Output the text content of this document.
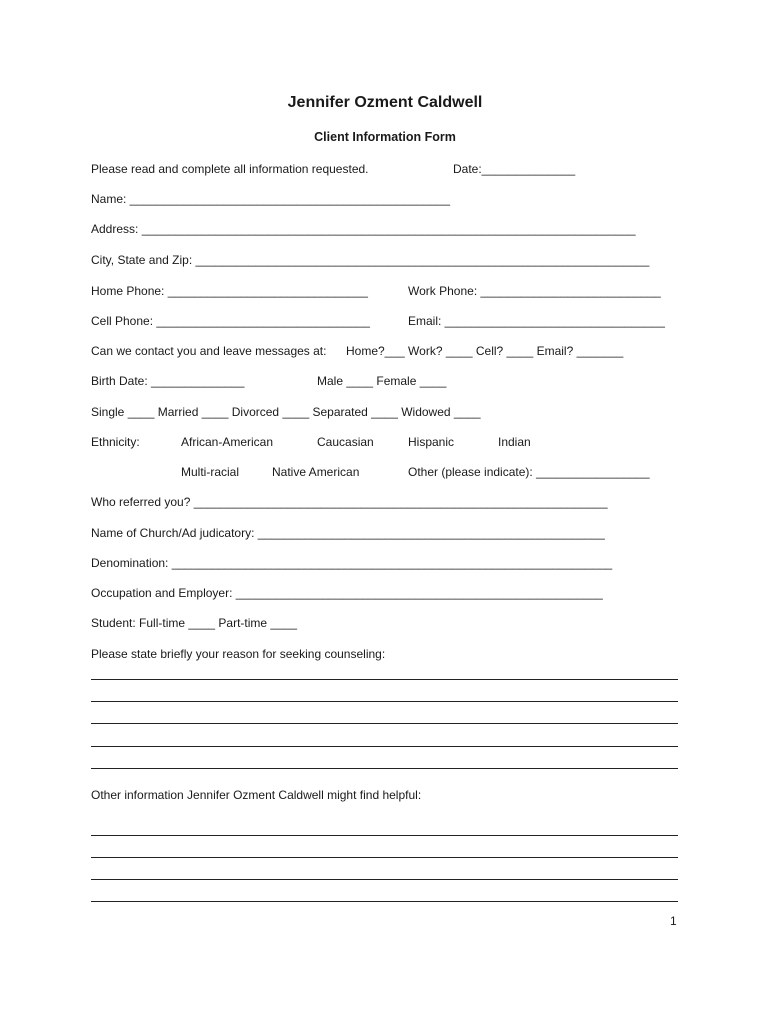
Jennifer Ozment Caldwell
Client Information Form
Please read and complete all information requested.	Date:______________
Name: ________________________________________________
Address: __________________________________________________________________________
City, State and Zip: ____________________________________________________________________
Home Phone: ______________________________	Work Phone: ___________________________
Cell Phone: ________________________________	Email: _________________________________
Can we contact you and leave messages at: Home?___ Work? ____ Cell? ____ Email? _______
Birth Date: ______________	Male ____ Female ____
Single ____ Married ____ Divorced ____ Separated ____ Widowed ____
Ethnicity:	African-American	Caucasian	Hispanic	Indian
Multi-racial	Native American	Other (please indicate): _________________
Who referred you? ______________________________________________________________
Name of Church/Ad judicatory: ____________________________________________________
Denomination: __________________________________________________________________
Occupation and Employer: _______________________________________________________
Student: Full-time ____ Part-time ____
Please state briefly your reason for seeking counseling:
Other information Jennifer Ozment Caldwell might find helpful:
1
